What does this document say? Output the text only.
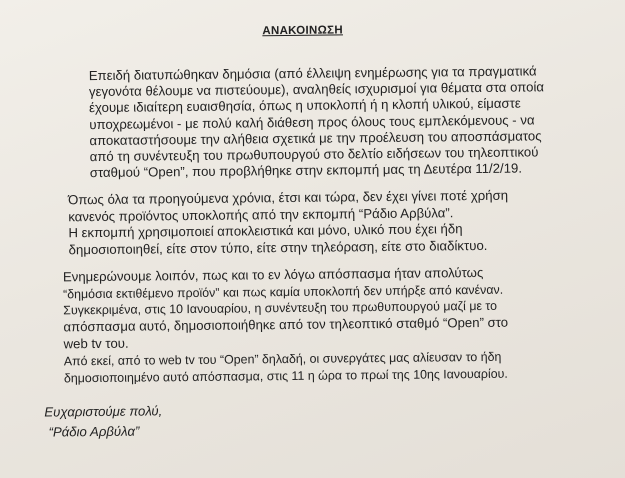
ΑΝΑΚΟΙΝΩΣΗ
Επειδή διατυπώθηκαν δημόσια (από έλλειψη ενημέρωσης για τα πραγματικά
γεγονότα θέλουμε να πιστεύουμε), αναληθείς ισχυρισμοί για θέματα στα οποία
έχουμε ιδιαίτερη ευαισθησία, όπως η υποκλοπή ή η κλοπή υλικού, είμαστε
υποχρεωμένοι - με πολύ καλή διάθεση προς όλους τους εμπλεκόμενους - να
αποκαταστήσουμε την αλήθεια σχετικά με την προέλευση του αποσπάσματος
από τη συνέντευξη του πρωθυπουργού στο δελτίο ειδήσεων του τηλεοπτικού
σταθμού “Open”, που προβλήθηκε στην εκπομπή μας τη Δευτέρα 11/2/19.
Όπως όλα τα προηγούμενα χρόνια, έτσι και τώρα, δεν έχει γίνει ποτέ χρήση
κανενός προϊόντος υποκλοπής από την εκπομπή “Ράδιο Αρβύλα”.
Η εκπομπή χρησιμοποιεί αποκλειστικά και μόνο, υλικό που έχει ήδη
δημοσιοποιηθεί, είτε στον τύπο, είτε στην τηλεόραση, είτε στο διαδίκτυο.
Ενημερώνουμε λοιπόν, πως και το εν λόγω απόσπασμα ήταν απολύτως
“δημόσια εκτιθέμενο προϊόν” και πως καμία υποκλοπή δεν υπήρξε από κανέναν.
Συγκεκριμένα, στις 10 Ιανουαρίου, η συνέντευξη του πρωθυπουργού μαζί με το
απόσπασμα αυτό, δημοσιοποιήθηκε από τον τηλεοπτικό σταθμό “Open” στο
web tv του.
Από εκεί, από το web tv του “Open” δηλαδή, οι συνεργάτες μας αλίευσαν το ήδη
δημοσιοποιημένο αυτό απόσπασμα, στις 11 η ώρα το πρωί της 10ης Ιανουαρίου.
Ευχαριστούμε πολύ,
“Ράδιο Αρβύλα”
